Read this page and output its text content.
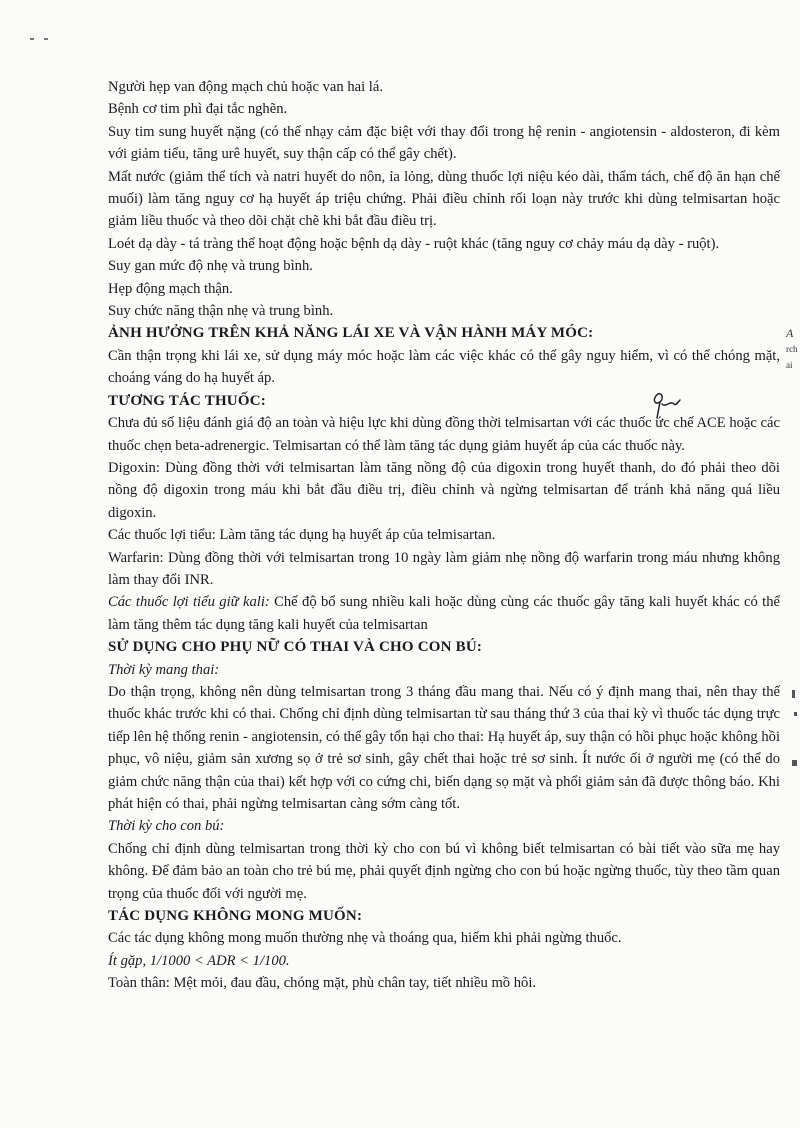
Người hẹp van động mạch chủ hoặc van hai lá.

Bệnh cơ tim phì đại tắc nghẽn.

Suy tim sung huyết nặng (có thể nhạy cảm đặc biệt với thay đổi trong hệ renin - angiotensin - aldosteron, đi kèm với giảm tiểu, tăng urê huyết, suy thận cấp có thể gây chết).

Mất nước (giảm thể tích và natri huyết do nôn, ỉa lỏng, dùng thuốc lợi niệu kéo dài, thẩm tách, chế độ ăn hạn chế muối) làm tăng nguy cơ hạ huyết áp triệu chứng. Phải điều chỉnh rối loạn này trước khi dùng telmisartan hoặc giảm liều thuốc và theo dõi chặt chẽ khi bắt đầu điều trị.

Loét dạ dày - tá tràng thể hoạt động hoặc bệnh dạ dày - ruột khác (tăng nguy cơ chảy máu dạ dày - ruột).

Suy gan mức độ nhẹ và trung bình.

Hẹp động mạch thận.

Suy chức năng thận nhẹ và trung bình.

ẢNH HƯỞNG TRÊN KHẢ NĂNG LÁI XE VÀ VẬN HÀNH MÁY MÓC:

Cần thận trọng khi lái xe, sử dụng máy móc hoặc làm các việc khác có thể gây nguy hiểm, vì có thể chóng mặt, choáng váng do hạ huyết áp.

TƯƠNG TÁC THUỐC:

Chưa đủ số liệu đánh giá độ an toàn và hiệu lực khi dùng đồng thời telmisartan với các thuốc ức chế ACE hoặc các thuốc chẹn beta-adrenergic. Telmisartan có thể làm tăng tác dụng giảm huyết áp của các thuốc này.

Digoxin: Dùng đồng thời với telmisartan làm tăng nồng độ của digoxin trong huyết thanh, do đó phải theo dõi nồng độ digoxin trong máu khi bắt đầu điều trị, điều chỉnh và ngừng telmisartan để tránh khả năng quá liều digoxin.

Các thuốc lợi tiểu: Làm tăng tác dụng hạ huyết áp của telmisartan.

Warfarin: Dùng đồng thời với telmisartan trong 10 ngày làm giảm nhẹ nồng độ warfarin trong máu nhưng không làm thay đổi INR.

Các thuốc lợi tiểu giữ kali: Chế độ bổ sung nhiều kali hoặc dùng cùng các thuốc gây tăng kali huyết khác có thể làm tăng thêm tác dụng tăng kali huyết của telmisartan

SỬ DỤNG CHO PHỤ NỮ CÓ THAI VÀ CHO CON BÚ:

Thời kỳ mang thai:

Do thận trọng, không nên dùng telmisartan trong 3 tháng đầu mang thai. Nếu có ý định mang thai, nên thay thế thuốc khác trước khi có thai. Chống chỉ định dùng telmisartan từ sau tháng thứ 3 của thai kỳ vì thuốc tác dụng trực tiếp lên hệ thống renin - angiotensin, có thể gây tổn hại cho thai: Hạ huyết áp, suy thận có hồi phục hoặc không hồi phục, vô niệu, giảm sản xương sọ ở trẻ sơ sinh, gây chết thai hoặc trẻ sơ sinh. Ít nước ối ở người mẹ (có thể do giảm chức năng thận của thai) kết hợp với co cứng chi, biến dạng sọ mặt và phổi giảm sản đã được thông báo. Khi phát hiện có thai, phải ngừng telmisartan càng sớm càng tốt.

Thời kỳ cho con bú:

Chống chỉ định dùng telmisartan trong thời kỳ cho con bú vì không biết telmisartan có bài tiết vào sữa mẹ hay không. Để đảm bảo an toàn cho trẻ bú mẹ, phải quyết định ngừng cho con bú hoặc ngừng thuốc, tùy theo tầm quan trọng của thuốc đối với người mẹ.

TÁC DỤNG KHÔNG MONG MUỐN:

Các tác dụng không mong muốn thường nhẹ và thoáng qua, hiếm khi phải ngừng thuốc.

Ít gặp, 1/1000 < ADR < 1/100.

Toàn thân: Mệt mỏi, đau đầu, chóng mặt, phù chân tay, tiết nhiều mồ hôi.

A
rch
ai
